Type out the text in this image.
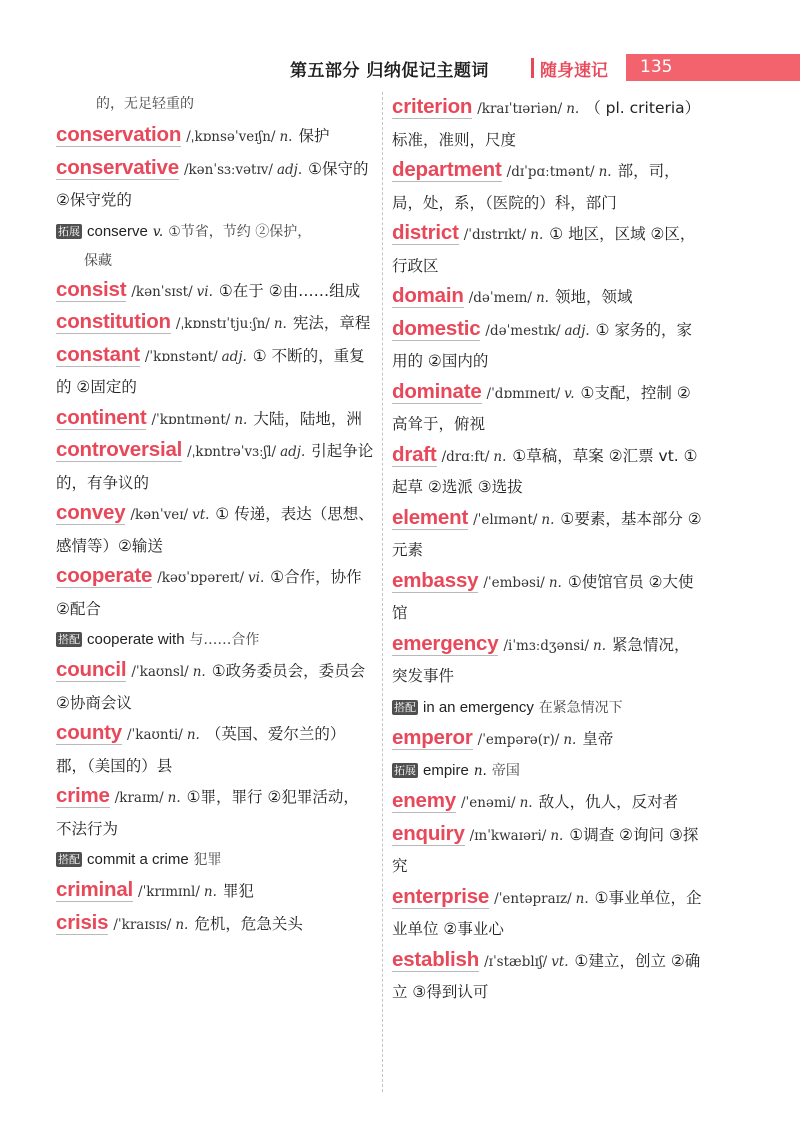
第五部分 归纳促记主题词	随身速记	135
的，无足轻重的
conservation /ˌkɒnsəˈveɪʃn/ n. 保护
conservative /kənˈsɜːvətɪv/ adj. ①保守的 ②保守党的
拓展 conserve v. ①节省，节约 ②保护，
保藏
consist /kənˈsɪst/ vi. ①在于 ②由……组成
constitution /ˌkɒnstɪˈtjuːʃn/ n. 宪法，章程
constant /ˈkɒnstənt/ adj. ① 不断的，重复的 ②固定的
continent /ˈkɒntɪnənt/ n. 大陆，陆地，洲
controversial /ˌkɒntrəˈvɜːʃl/ adj. 引起争论的，有争议的
convey /kənˈveɪ/ vt. ① 传递，表达（思想、感情等）②输送
cooperate /kəʊˈɒpəreɪt/ vi. ①合作，协作 ②配合
搭配 cooperate with 与……合作
council /ˈkaʊnsl/ n. ①政务委员会，委员会 ②协商会议
county /ˈkaʊnti/ n. （英国、爱尔兰的）郡，（美国的）县
crime /kraɪm/ n. ①罪，罪行 ②犯罪活动，不法行为
搭配 commit a crime 犯罪
criminal /ˈkrɪmɪnl/ n. 罪犯
crisis /ˈkraɪsɪs/ n. 危机，危急关头
criterion /kraɪˈtɪəriən/ n. （ pl. criteria）标准，准则，尺度
department /dɪˈpɑːtmənt/ n. 部，司，局，处，系，（医院的）科，部门
district /ˈdɪstrɪkt/ n. ① 地区，区域 ②区，行政区
domain /dəˈmeɪn/ n. 领地，领域
domestic /dəˈmestɪk/ adj. ① 家务的，家用的 ②国内的
dominate /ˈdɒmɪneɪt/ v. ①支配，控制 ②高耸于，俯视
draft /drɑːft/ n. ①草稿，草案 ②汇票 vt. ①起草 ②选派 ③选拔
element /ˈelɪmənt/ n. ①要素，基本部分 ②元素
embassy /ˈembəsi/ n. ①使馆官员 ②大使馆
emergency /iˈmɜːdʒənsi/ n. 紧急情况，突发事件
搭配 in an emergency 在紧急情况下
emperor /ˈempərə(r)/ n. 皇帝
拓展 empire n. 帝国
enemy /ˈenəmi/ n. 敌人，仇人，反对者
enquiry /ɪnˈkwaɪəri/ n. ①调查 ②询问 ③探究
enterprise /ˈentəpraɪz/ n. ①事业单位，企业单位 ②事业心
establish /ɪˈstæblɪʃ/ vt. ①建立，创立 ②确立 ③得到认可
